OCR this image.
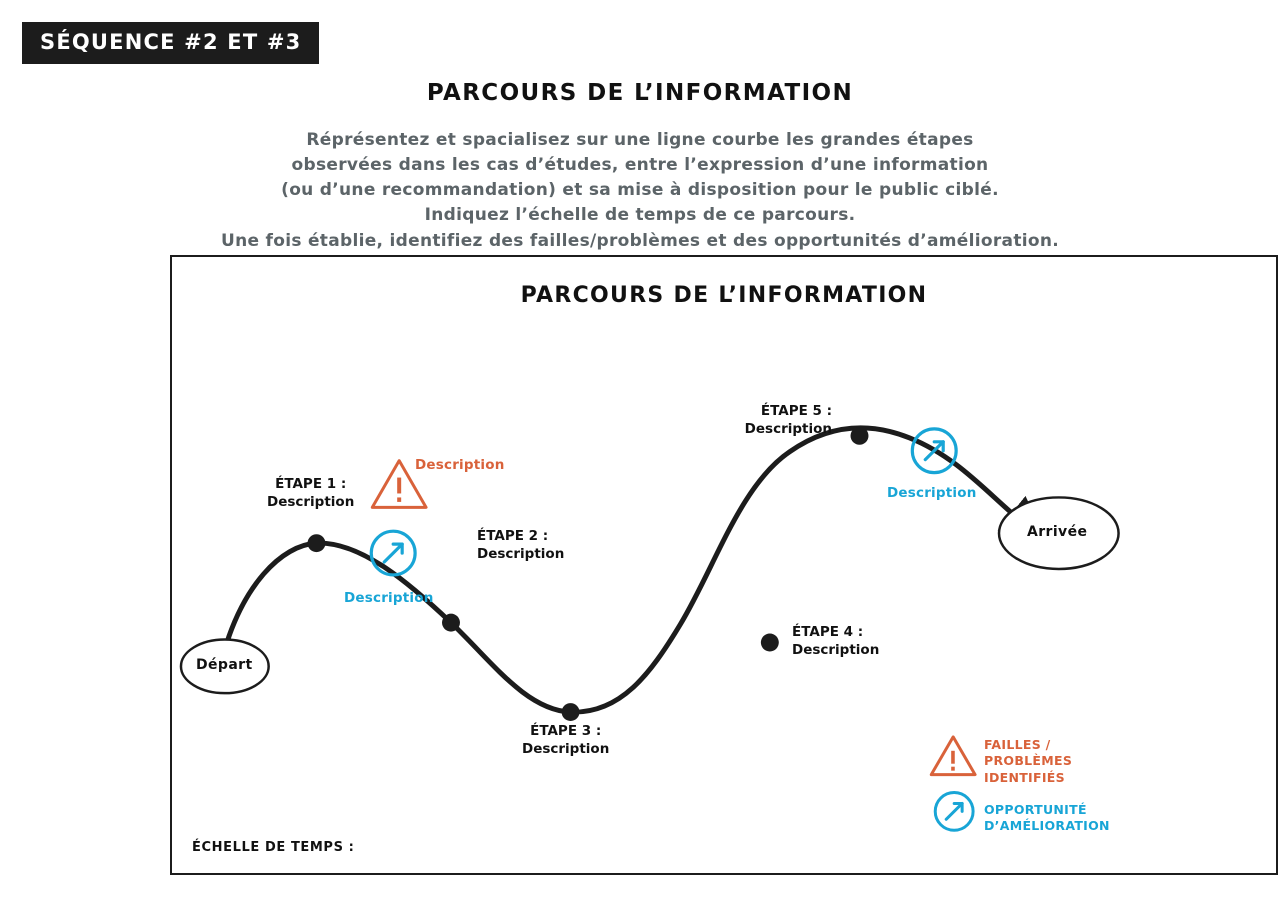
SÉQUENCE #2 ET #3
PARCOURS DE L’INFORMATION
Réprésentez et spacialisez sur une ligne courbe les grandes étapes
observées dans les cas d’études, entre l’expression d’une information
(ou d’une recommandation) et sa mise à disposition pour le public ciblé.
Indiquez l’échelle de temps de ce parcours.
Une fois établie, identifiez des failles/problèmes et des opportunités d’amélioration.
PARCOURS DE L’INFORMATION
Départ
Arrivée
ÉTAPE 1 :
Description
ÉTAPE 2 :
Description
ÉTAPE 3 :
Description
ÉTAPE 4 :
Description
ÉTAPE 5 :
Description
Description
Description
Description
FAILLES /
PROBLÈMES
IDENTIFIÉS
OPPORTUNITÉ
D’AMÉLIORATION
ÉCHELLE DE TEMPS :
